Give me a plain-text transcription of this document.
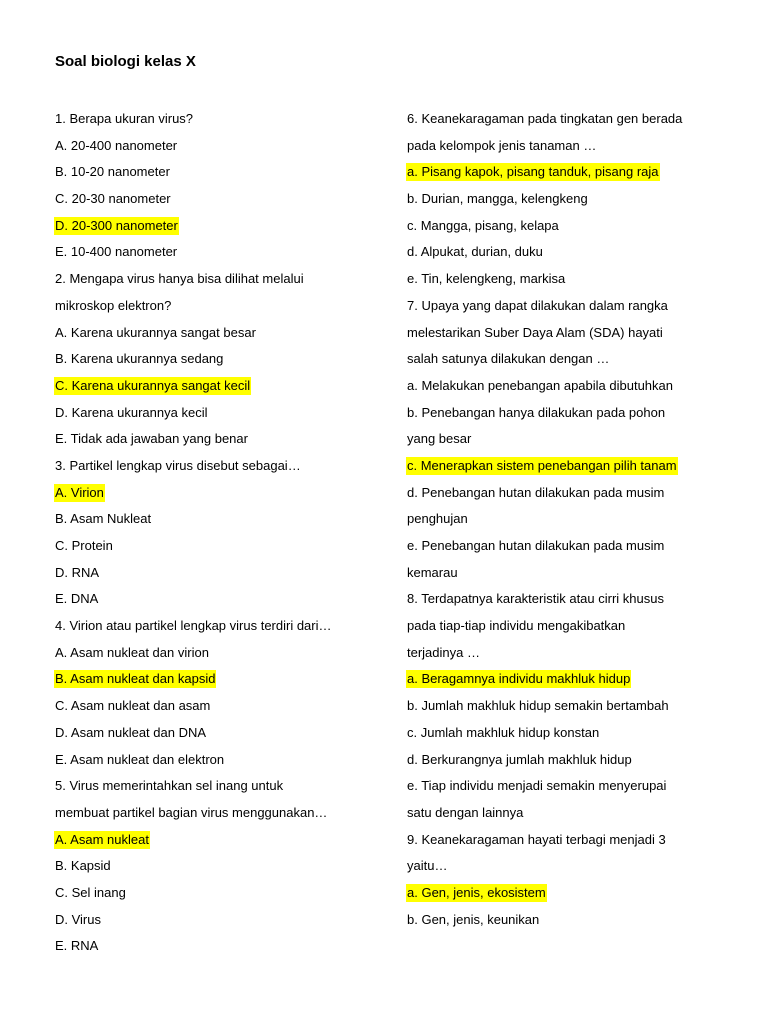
Soal biologi kelas X
1. Berapa ukuran virus?
A. 20-400 nanometer
B. 10-20 nanometer
C. 20-30 nanometer
D. 20-300 nanometer
E. 10-400 nanometer
2. Mengapa virus hanya bisa dilihat melalui
mikroskop elektron?
A. Karena ukurannya sangat besar
B. Karena ukurannya sedang
C. Karena ukurannya sangat kecil
D. Karena ukurannya kecil
E. Tidak ada jawaban yang benar
3. Partikel lengkap virus disebut sebagai…
A. Virion
B. Asam Nukleat
C. Protein
D. RNA
E. DNA
4. Virion atau partikel lengkap virus terdiri dari…
A. Asam nukleat dan virion
B. Asam nukleat dan kapsid
C. Asam nukleat dan asam
D. Asam nukleat dan DNA
E. Asam nukleat dan elektron
5. Virus memerintahkan sel inang untuk
membuat partikel bagian virus menggunakan…
A. Asam nukleat
B. Kapsid
C. Sel inang
D. Virus
E. RNA
6. Keanekaragaman pada tingkatan gen berada
pada kelompok jenis tanaman …
a. Pisang kapok, pisang tanduk, pisang raja
b. Durian, mangga, kelengkeng
c. Mangga, pisang, kelapa
d. Alpukat, durian, duku
e. Tin, kelengkeng, markisa
7. Upaya yang dapat dilakukan dalam rangka
melestarikan Suber Daya Alam (SDA) hayati
salah satunya dilakukan dengan …
a. Melakukan penebangan apabila dibutuhkan
b. Penebangan hanya dilakukan pada pohon
yang besar
c. Menerapkan sistem penebangan pilih tanam
d. Penebangan hutan dilakukan pada musim
penghujan
e. Penebangan hutan dilakukan pada musim
kemarau
8. Terdapatnya karakteristik atau cirri khusus
pada tiap-tiap individu mengakibatkan
terjadinya …
a. Beragamnya individu makhluk hidup
b. Jumlah makhluk hidup semakin bertambah
c. Jumlah makhluk hidup konstan
d. Berkurangnya jumlah makhluk hidup
e. Tiap individu menjadi semakin menyerupai
satu dengan lainnya
9. Keanekaragaman hayati terbagi menjadi 3
yaitu…
a. Gen, jenis, ekosistem
b. Gen, jenis, keunikan
